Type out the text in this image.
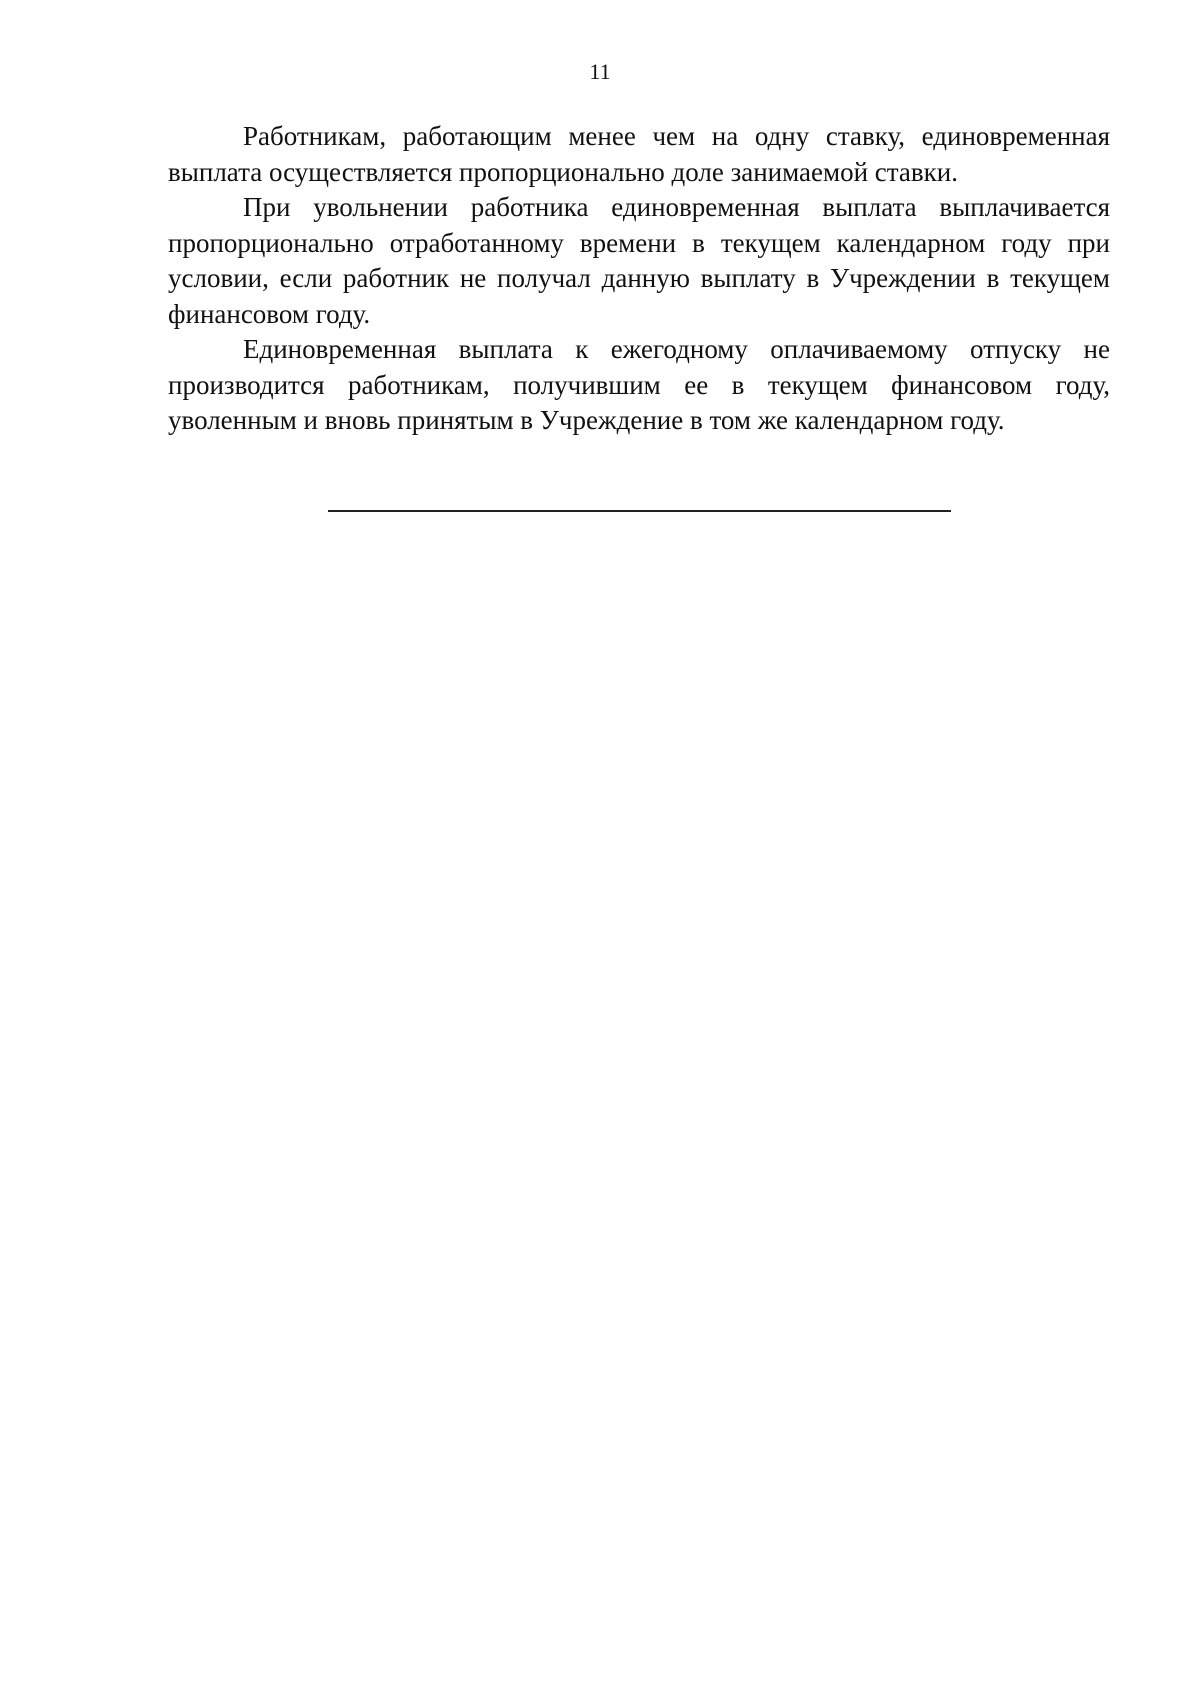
11

Работникам, работающим менее чем на одну ставку, единовременная выплата осуществляется пропорционально доле занимаемой ставки.

При увольнении работника единовременная выплата выплачивается пропорционально отработанному времени в текущем календарном году при условии, если работник не получал данную выплату в Учреждении в текущем финансовом году.

Единовременная выплата к ежегодному оплачиваемому отпуску не производится работникам, получившим ее в текущем финансовом году, уволенным и вновь принятым в Учреждение в том же календарном году.
